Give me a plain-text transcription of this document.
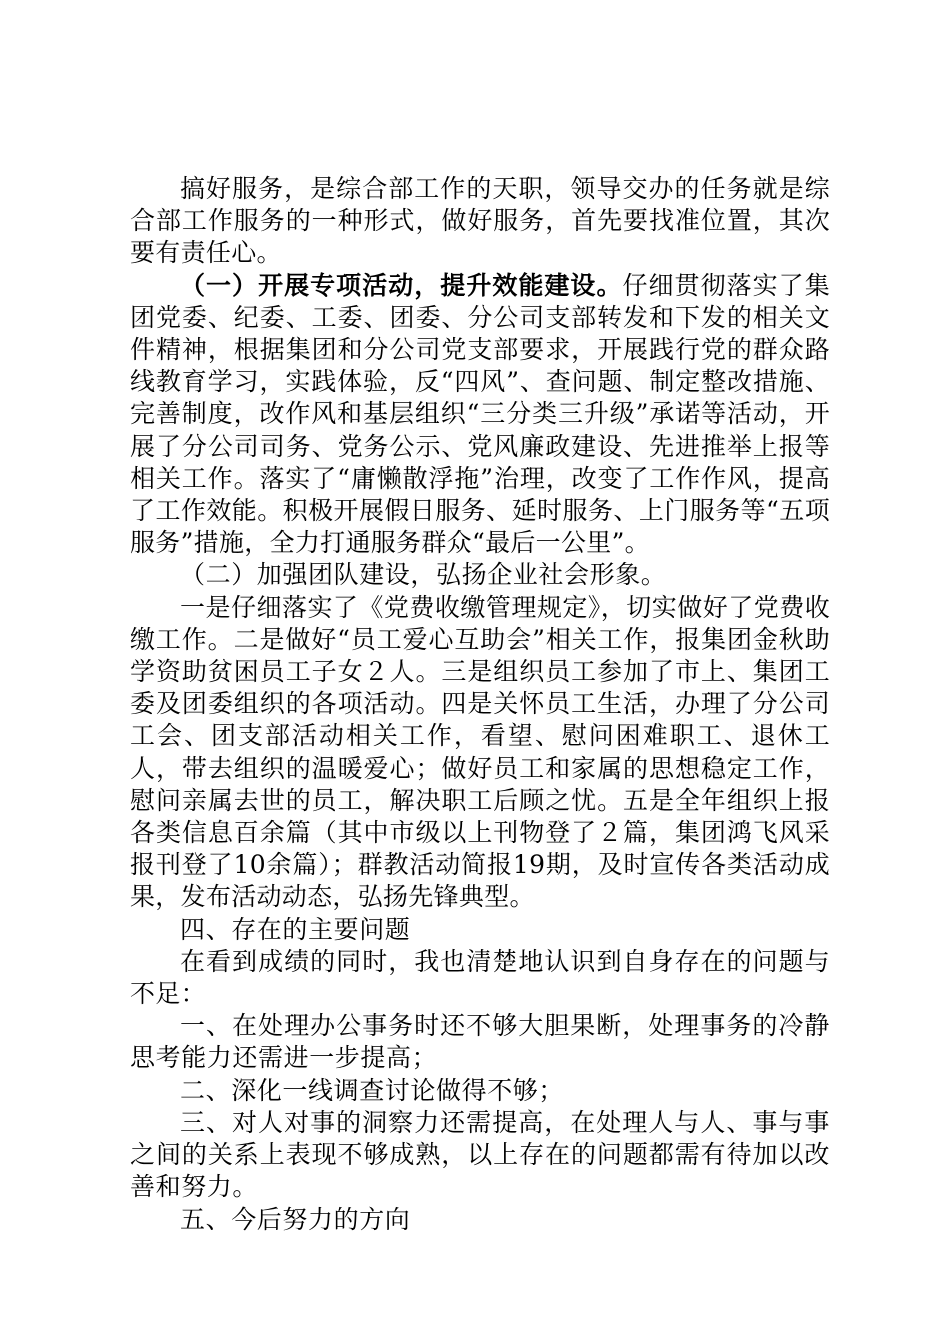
搞好服务，是综合部工作的天职，领导交办的任务就是综合部工作服务的一种形式，做好服务，首先要找准位置，其次要有责任心。

（一）开展专项活动，提升效能建设。仔细贯彻落实了集团党委、纪委、工委、团委、分公司支部转发和下发的相关文件精神，根据集团和分公司党支部要求，开展践行党的群众路线教育学习，实践体验，反“四风”、查问题、制定整改措施、完善制度，改作风和基层组织“三分类三升级”承诺等活动，开展了分公司司务、党务公示、党风廉政建设、先进推举上报等相关工作。落实了“庸懒散浮拖”治理，改变了工作作风，提高了工作效能。积极开展假日服务、延时服务、上门服务等“五项服务”措施，全力打通服务群众“最后一公里”。

（二）加强团队建设，弘扬企业社会形象。

一是仔细落实了《党费收缴管理规定》，切实做好了党费收缴工作。二是做好“员工爱心互助会”相关工作，报集团金秋助学资助贫困员工子女２人。三是组织员工参加了市上、集团工委及团委组织的各项活动。四是关怀员工生活，办理了分公司工会、团支部活动相关工作，看望、慰问困难职工、退休工人，带去组织的温暖爱心；做好员工和家属的思想稳定工作，慰问亲属去世的员工，解决职工后顾之忧。五是全年组织上报各类信息百余篇（其中市级以上刊物登了２篇，集团鸿飞风采报刊登了10余篇）；群教活动简报19期，及时宣传各类活动成果，发布活动动态，弘扬先锋典型。

四、存在的主要问题

在看到成绩的同时，我也清楚地认识到自身存在的问题与不足：

一、在处理办公事务时还不够大胆果断，处理事务的冷静思考能力还需进一步提高；

二、深化一线调查讨论做得不够；

三、对人对事的洞察力还需提高，在处理人与人、事与事之间的关系上表现不够成熟，以上存在的问题都需有待加以改善和努力。

五、今后努力的方向
